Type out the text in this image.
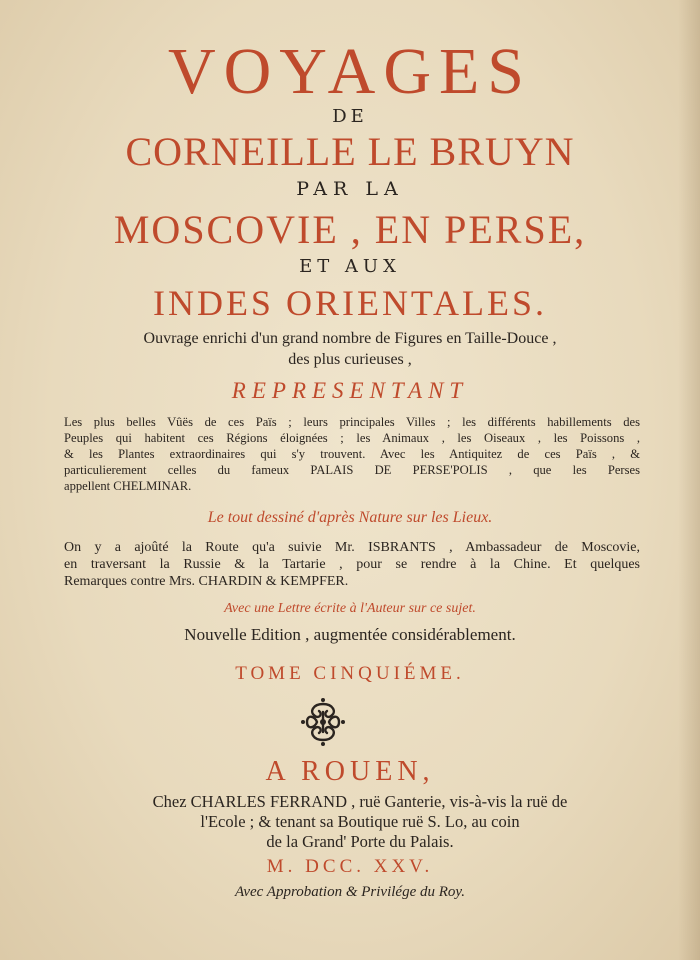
VOYAGES
DE
CORNEILLE LE BRUYN
PAR LA
MOSCOVIE , EN PERSE,
ET AUX
INDES ORIENTALES.
Ouvrage enrichi d'un grand nombre de Figures en Taille-Douce ,
des plus curieuses ,
REPRESENTANT
Les plus belles Vûës de ces Païs ; leurs principales Villes ; les différents habillements des
Peuples qui habitent ces Régions éloignées ; les Animaux , les Oiseaux , les Poissons ,
& les Plantes extraordinaires qui s'y trouvent. Avec les Antiquitez de ces Païs , &
particulierement celles du fameux PALAIS DE PERSE'POLIS , que les Perses
appellent CHELMINAR.
Le tout dessiné d'après Nature sur les Lieux.
On y a ajoûté la Route qu'a suivie Mr. ISBRANTS , Ambassadeur de Moscovie,
en traversant la Russie & la Tartarie , pour se rendre à la Chine. Et quelques
Remarques contre Mrs. CHARDIN & KEMPFER.
Avec une Lettre écrite à l'Auteur sur ce sujet.
Nouvelle Edition , augmentée considérablement.
TOME CINQUIÉME.
A ROUEN,
Chez CHARLES FERRAND , ruë Ganterie, vis-à-vis la ruë de
l'Ecole ; & tenant sa Boutique ruë S. Lo, au coin
de la Grand' Porte du Palais.
M. DCC. XXV.
Avec Approbation & Privilége du Roy.
